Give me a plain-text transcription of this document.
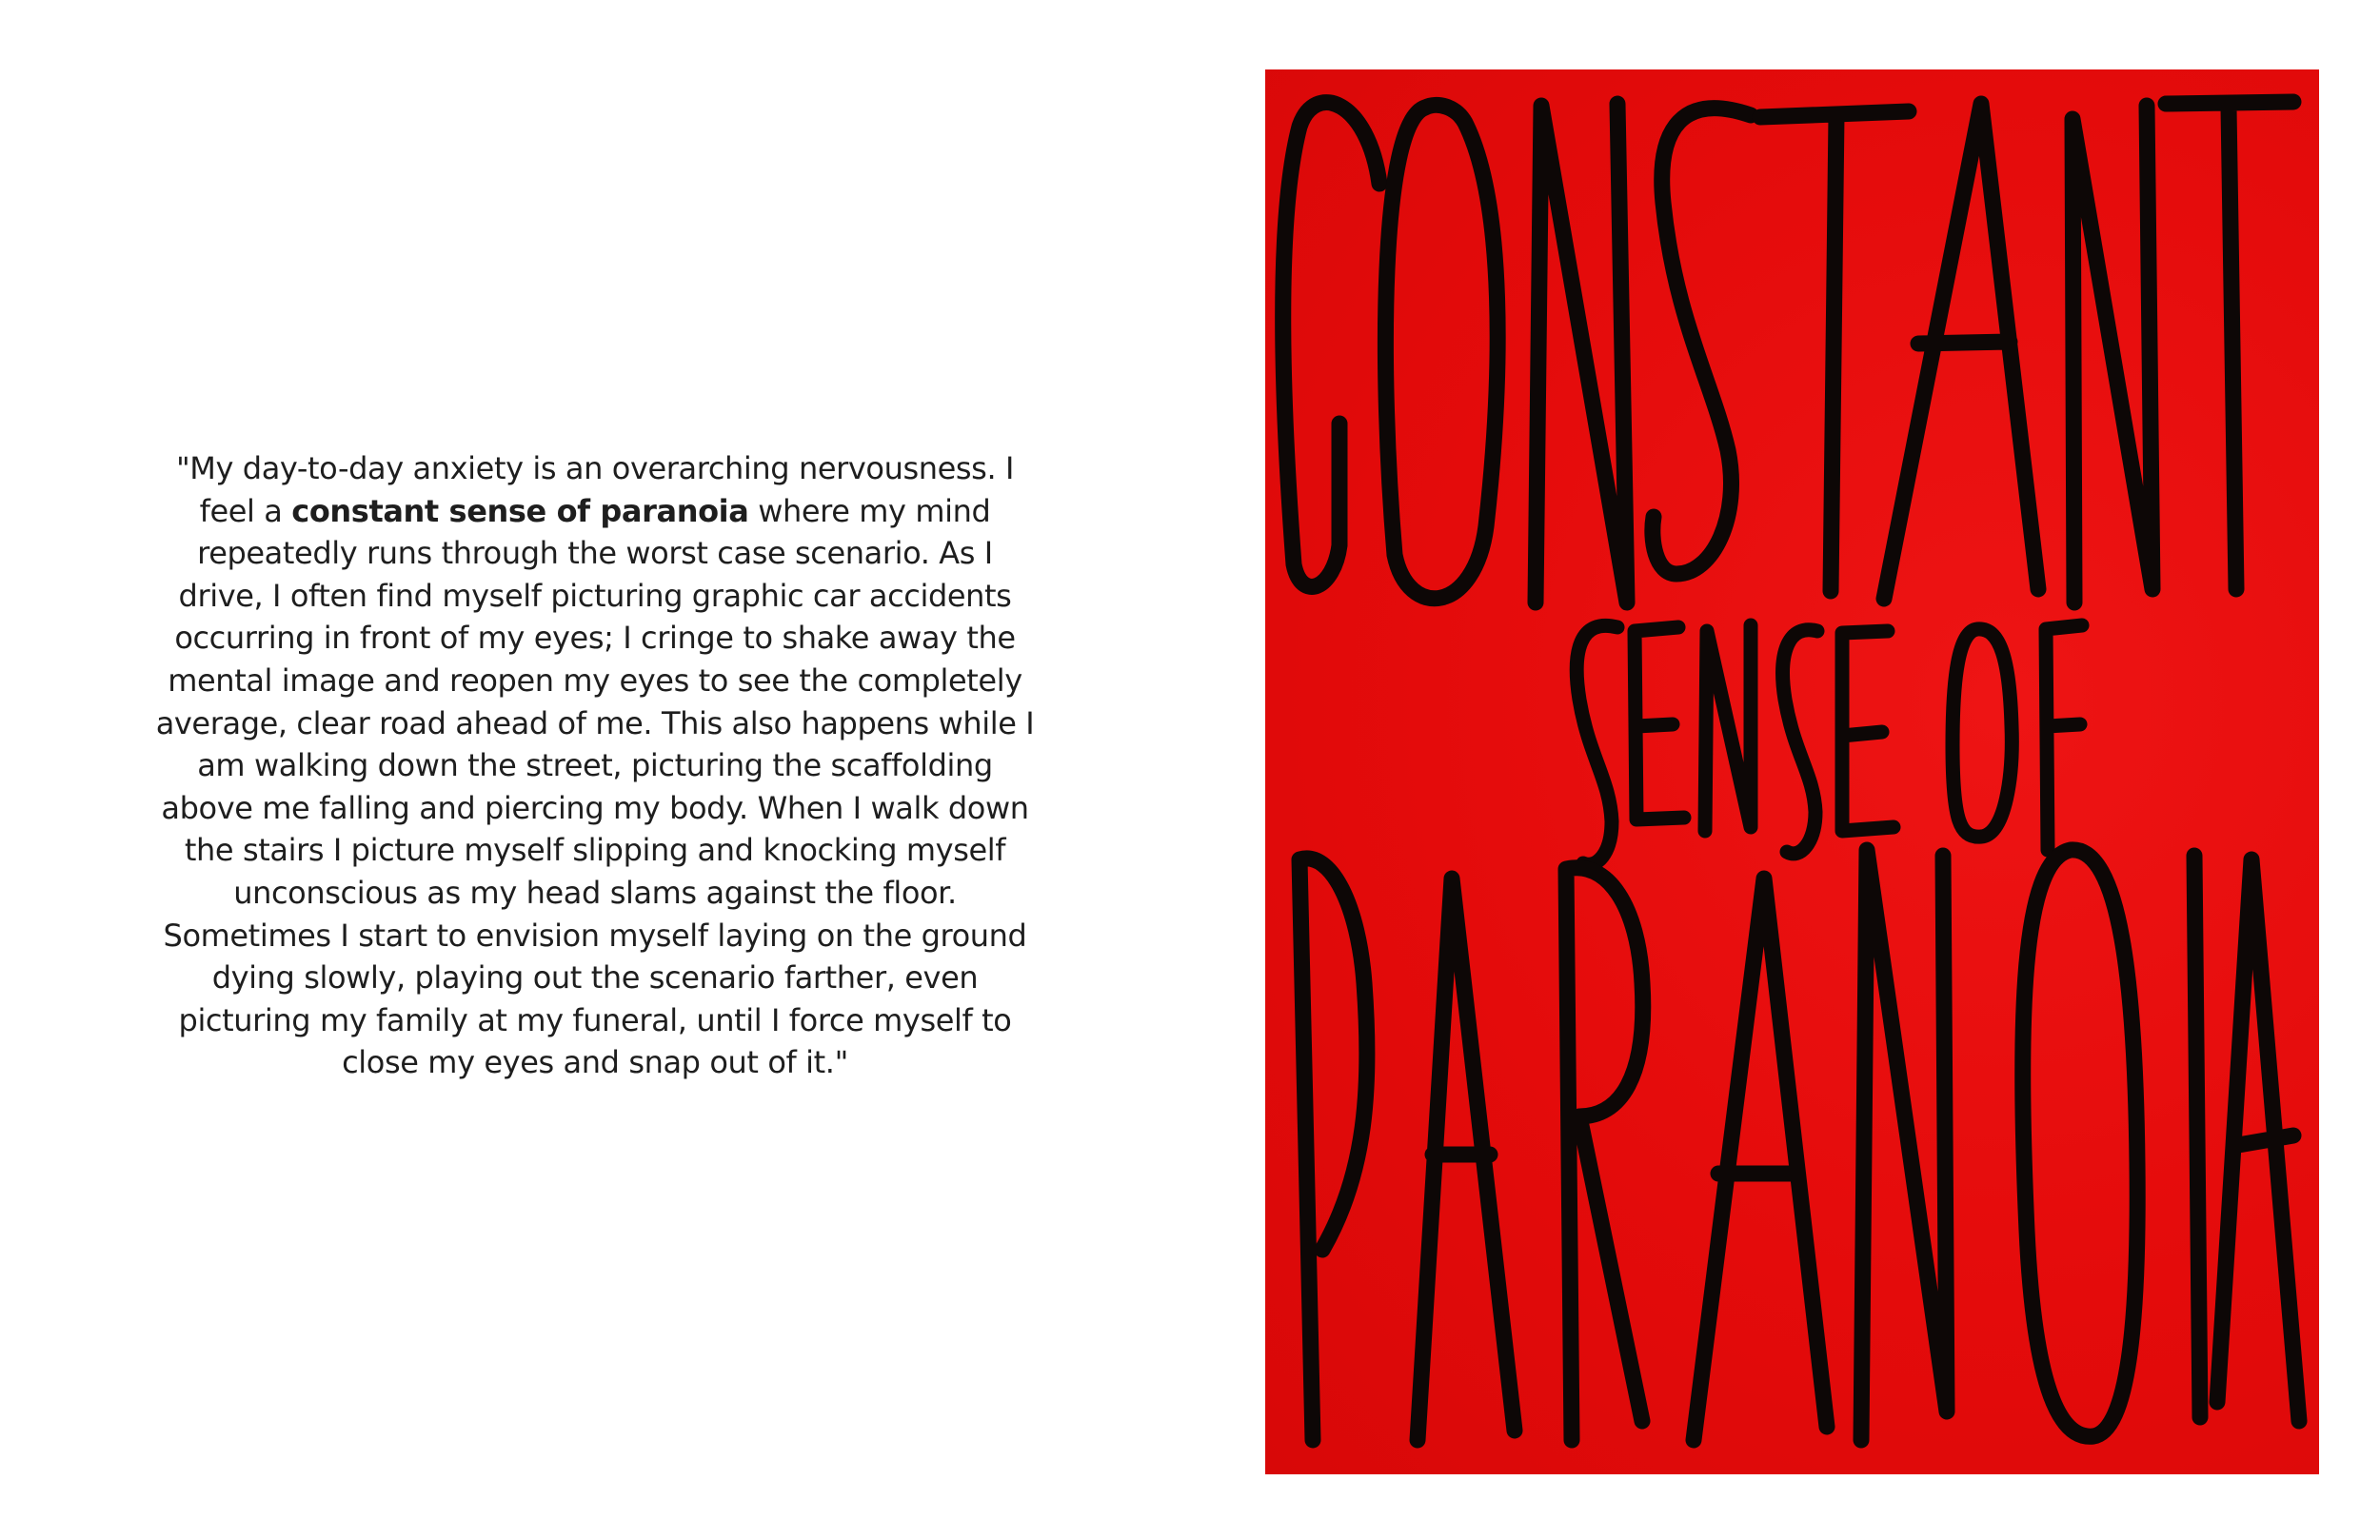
"My day-to-day anxiety is an overarching nervousness. I feel a constant sense of paranoia where my mind repeatedly runs through the worst case scenario. As I drive, I often find myself picturing graphic car accidents occurring in front of my eyes; I cringe to shake away the mental image and reopen my eyes to see the completely average, clear road ahead of me. This also happens while I am walking down the street, picturing the scaffolding above me falling and piercing my body. When I walk down the stairs I picture myself slipping and knocking myself unconscious as my head slams against the floor. Sometimes I start to envision myself laying on the ground dying slowly, playing out the scenario farther, even picturing my family at my funeral, until I force myself to close my eyes and snap out of it."
